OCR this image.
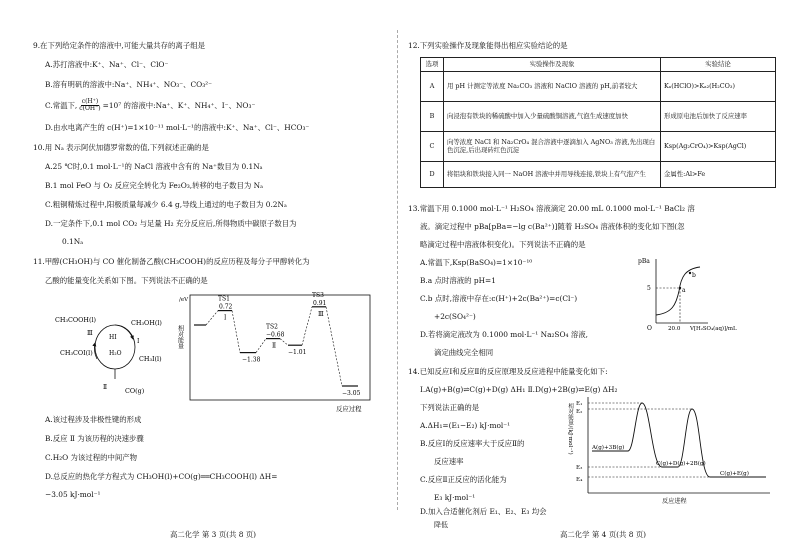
9.在下列给定条件的溶液中,可能大量共存的离子组是
A.苏打溶液中:K⁺、Na⁺、Cl⁻、ClO⁻
B.溶有明矾的溶液中:Na⁺、NH₄⁺、NO₃⁻、CO₃²⁻
C.常温下, $\frac{c(H^+)}{c(OH^-)} =10^7$ 的溶液中:Na⁺、K⁺、NH₄⁺、I⁻、NO₃⁻
D.由水电离产生的 c(H⁺)=1×10⁻¹¹ mol·L⁻¹的溶液中:K⁺、Na⁺、Cl⁻、HCO₃⁻
10.用 Nₐ 表示阿伏加德罗常数的值,下列叙述正确的是
A.25 ℃时,0.1 mol·L⁻¹的 NaCl 溶液中含有的 Na⁺数目为 0.1Nₐ
B.1 mol FeO 与 O₂ 反应完全转化为 Fe₂O₃,转移的电子数目为 Nₐ
C.粗铜精炼过程中,阳极质量每减少 6.4 g,导线上通过的电子数目为 0.2Nₐ
D.一定条件下,0.1 mol CO₂ 与足量 H₂ 充分反应后,所得物质中碳原子数目为
0.1Nₐ
11.甲醇(CH₃OH)与 CO 催化制备乙酸(CH₃COOH)的反应历程及每分子甲醇转化为
乙酸的能量变化关系如下图。下列说法不正确的是
CH₃COOH(l)	CH₃OH(l)
CH₃COI(l)
CH₃I(l)
CO(g)
Ⅲ
Ⅰ
Ⅱ
HI
H₂O
/eV
相对能量
反应过程
TS1
0.72
Ⅰ
−1.38
TS2
−0.68
Ⅱ
−1.01
TS3
0.91
Ⅲ
−3.05
A.该过程涉及非极性键的形成
B.反应 Ⅱ 为该历程的决速步骤
C.H₂O 为该过程的中间产物
D.总反应的热化学方程式为 CH₃OH(l)+CO(g)══CH₃COOH(l) ΔH=
−3.05 kJ·mol⁻¹
高二化学 第 3 页(共 8 页)
12.下列实验操作及现象能得出相应实验结论的是
选项	实验操作及现象	实验结论
A	用 pH 计测定等浓度 Na₂CO₃ 溶液和 NaClO 溶液的 pH,前者较大	Kₐ(HClO)>Kₐ₂(H₂CO₃)
B	向浸泡有铁块的稀硫酸中加入少量硫酸铜溶液,气泡生成速度加快	形成原电池后加快了反应速率
C	向等浓度 NaCl 和 Na₂CrO₄ 混合溶液中逐滴加入 AgNO₃ 溶液,先出现白色沉淀,后出现砖红色沉淀	Ksp(Ag₂CrO₄)>Ksp(AgCl)
D	将铝块和铁块接入同一 NaOH 溶液中并用导线连接,铁块上有气泡产生	金属性:Al>Fe
13.常温下用 0.1000 mol·L⁻¹ H₂SO₄ 溶液滴定 20.00 mL 0.1000 mol·L⁻¹ BaCl₂ 溶
液。滴定过程中 pBa[pBa=−lg c(Ba²⁺)]随着 H₂SO₄ 溶液体积的变化如下图(忽
略滴定过程中溶液体积变化)。下列说法不正确的是
A.常温下,Ksp(BaSO₄)=1×10⁻¹⁰
B.a 点时溶液的 pH=1
C.b 点时,溶液中存在:c(H⁺)+2c(Ba²⁺)=c(Cl⁻)
+2c(SO₄²⁻)
D.若将滴定液改为 0.1000 mol·L⁻¹ Na₂SO₄ 溶液,
滴定曲线完全相同
pBa
5	a
b
O	20.0 V[H₂SO₄(aq)]/mL
14.已知反应Ⅰ和反应Ⅱ的反应原理及反应进程中能量变化如下:
Ⅰ.A(g)+B(g)⇌C(g)+D(g) ΔH₁ Ⅱ.D(g)+2B(g)⇌E(g) ΔH₂
下列说法正确的是
A.ΔH₁=(E₁−E₂) kJ·mol⁻¹
B.反应Ⅰ的反应速率大于反应Ⅱ的
反应速率
C.反应Ⅱ正反应的活化能为
E₃ kJ·mol⁻¹
D.加入合适催化剂后 E₁、E₂、E₃ 均会
降低
相对能量/(kJ·mol⁻¹) E₁
E₂
E₃
E₄
A(g)+3B(g)
C(g)+D(g)+2B(g)
C(g)+E(g)
反应进程
高二化学 第 4 页(共 8 页)
